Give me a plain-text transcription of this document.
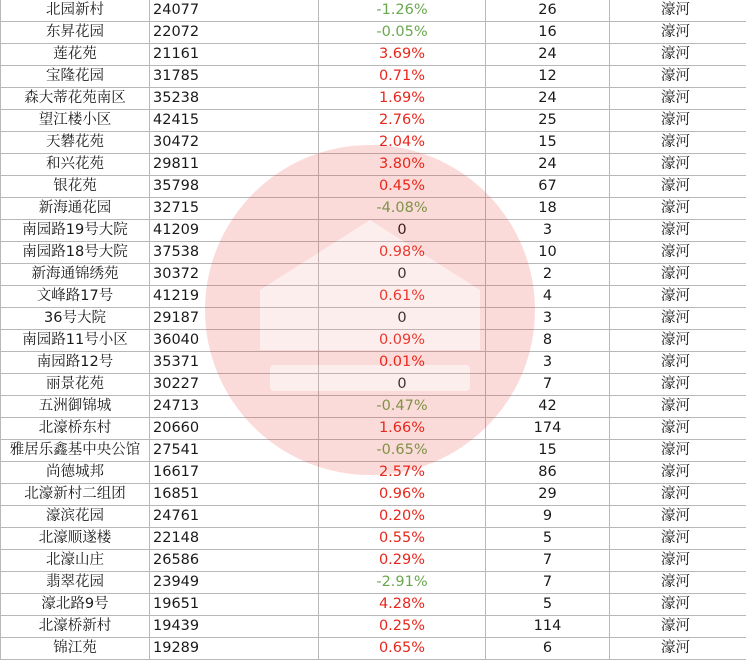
北园新村	24077	-1.26%	26	濠河
东昇花园	22072	-0.05%	16	濠河
莲花苑	21161	3.69%	24	濠河
宝隆花园	31785	0.71%	12	濠河
森大蒂花苑南区	35238	1.69%	24	濠河
望江楼小区	42415	2.76%	25	濠河
天礬花苑	30472	2.04%	15	濠河
和兴花苑	29811	3.80%	24	濠河
银花苑	35798	0.45%	67	濠河
新海通花园	32715	-4.08%	18	濠河
南园路19号大院	41209	0	3	濠河
南园路18号大院	37538	0.98%	10	濠河
新海通锦绣苑	30372	0	2	濠河
文峰路17号	41219	0.61%	4	濠河
36号大院	29187	0	3	濠河
南园路11号小区	36040	0.09%	8	濠河
南园路12号	35371	0.01%	3	濠河
丽景花苑	30227	0	7	濠河
五洲御锦城	24713	-0.47%	42	濠河
北濠桥东村	20660	1.66%	174	濠河
雅居乐鑫基中央公馆	27541	-0.65%	15	濠河
尚德城邦	16617	2.57%	86	濠河
北濠新村二组团	16851	0.96%	29	濠河
濠滨花园	24761	0.20%	9	濠河
北濠顺遂楼	22148	0.55%	5	濠河
北濠山庄	26586	0.29%	7	濠河
翡翠花园	23949	-2.91%	7	濠河
濠北路9号	19651	4.28%	5	濠河
北濠桥新村	19439	0.25%	114	濠河
锦江苑	19289	0.65%	6	濠河
